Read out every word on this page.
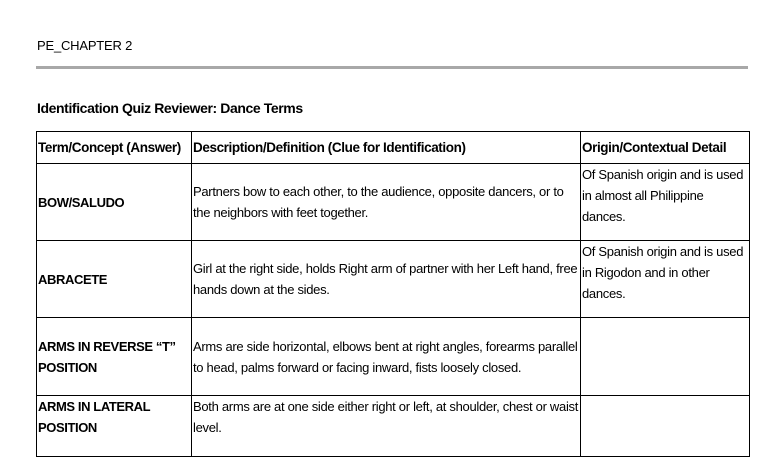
PE_CHAPTER 2
Identification Quiz Reviewer: Dance Terms
Term/Concept (Answer)	Description/Definition (Clue for Identification)	Origin/Contextual Detail
BOW/SALUDO	Partners bow to each other, to the audience, opposite dancers, or to the neighbors with feet together.	Of Spanish origin and is used in almost all Philippine dances.
ABRACETE	Girl at the right side, holds Right arm of partner with her Left hand, free hands down at the sides.	Of Spanish origin and is used in Rigodon and in other dances.
ARMS IN REVERSE “T” POSITION	Arms are side horizontal, elbows bent at right angles, forearms parallel to head, palms forward or facing inward, fists loosely closed.	
ARMS IN LATERAL POSITION	Both arms are at one side either right or left, at shoulder, chest or waist level.	
